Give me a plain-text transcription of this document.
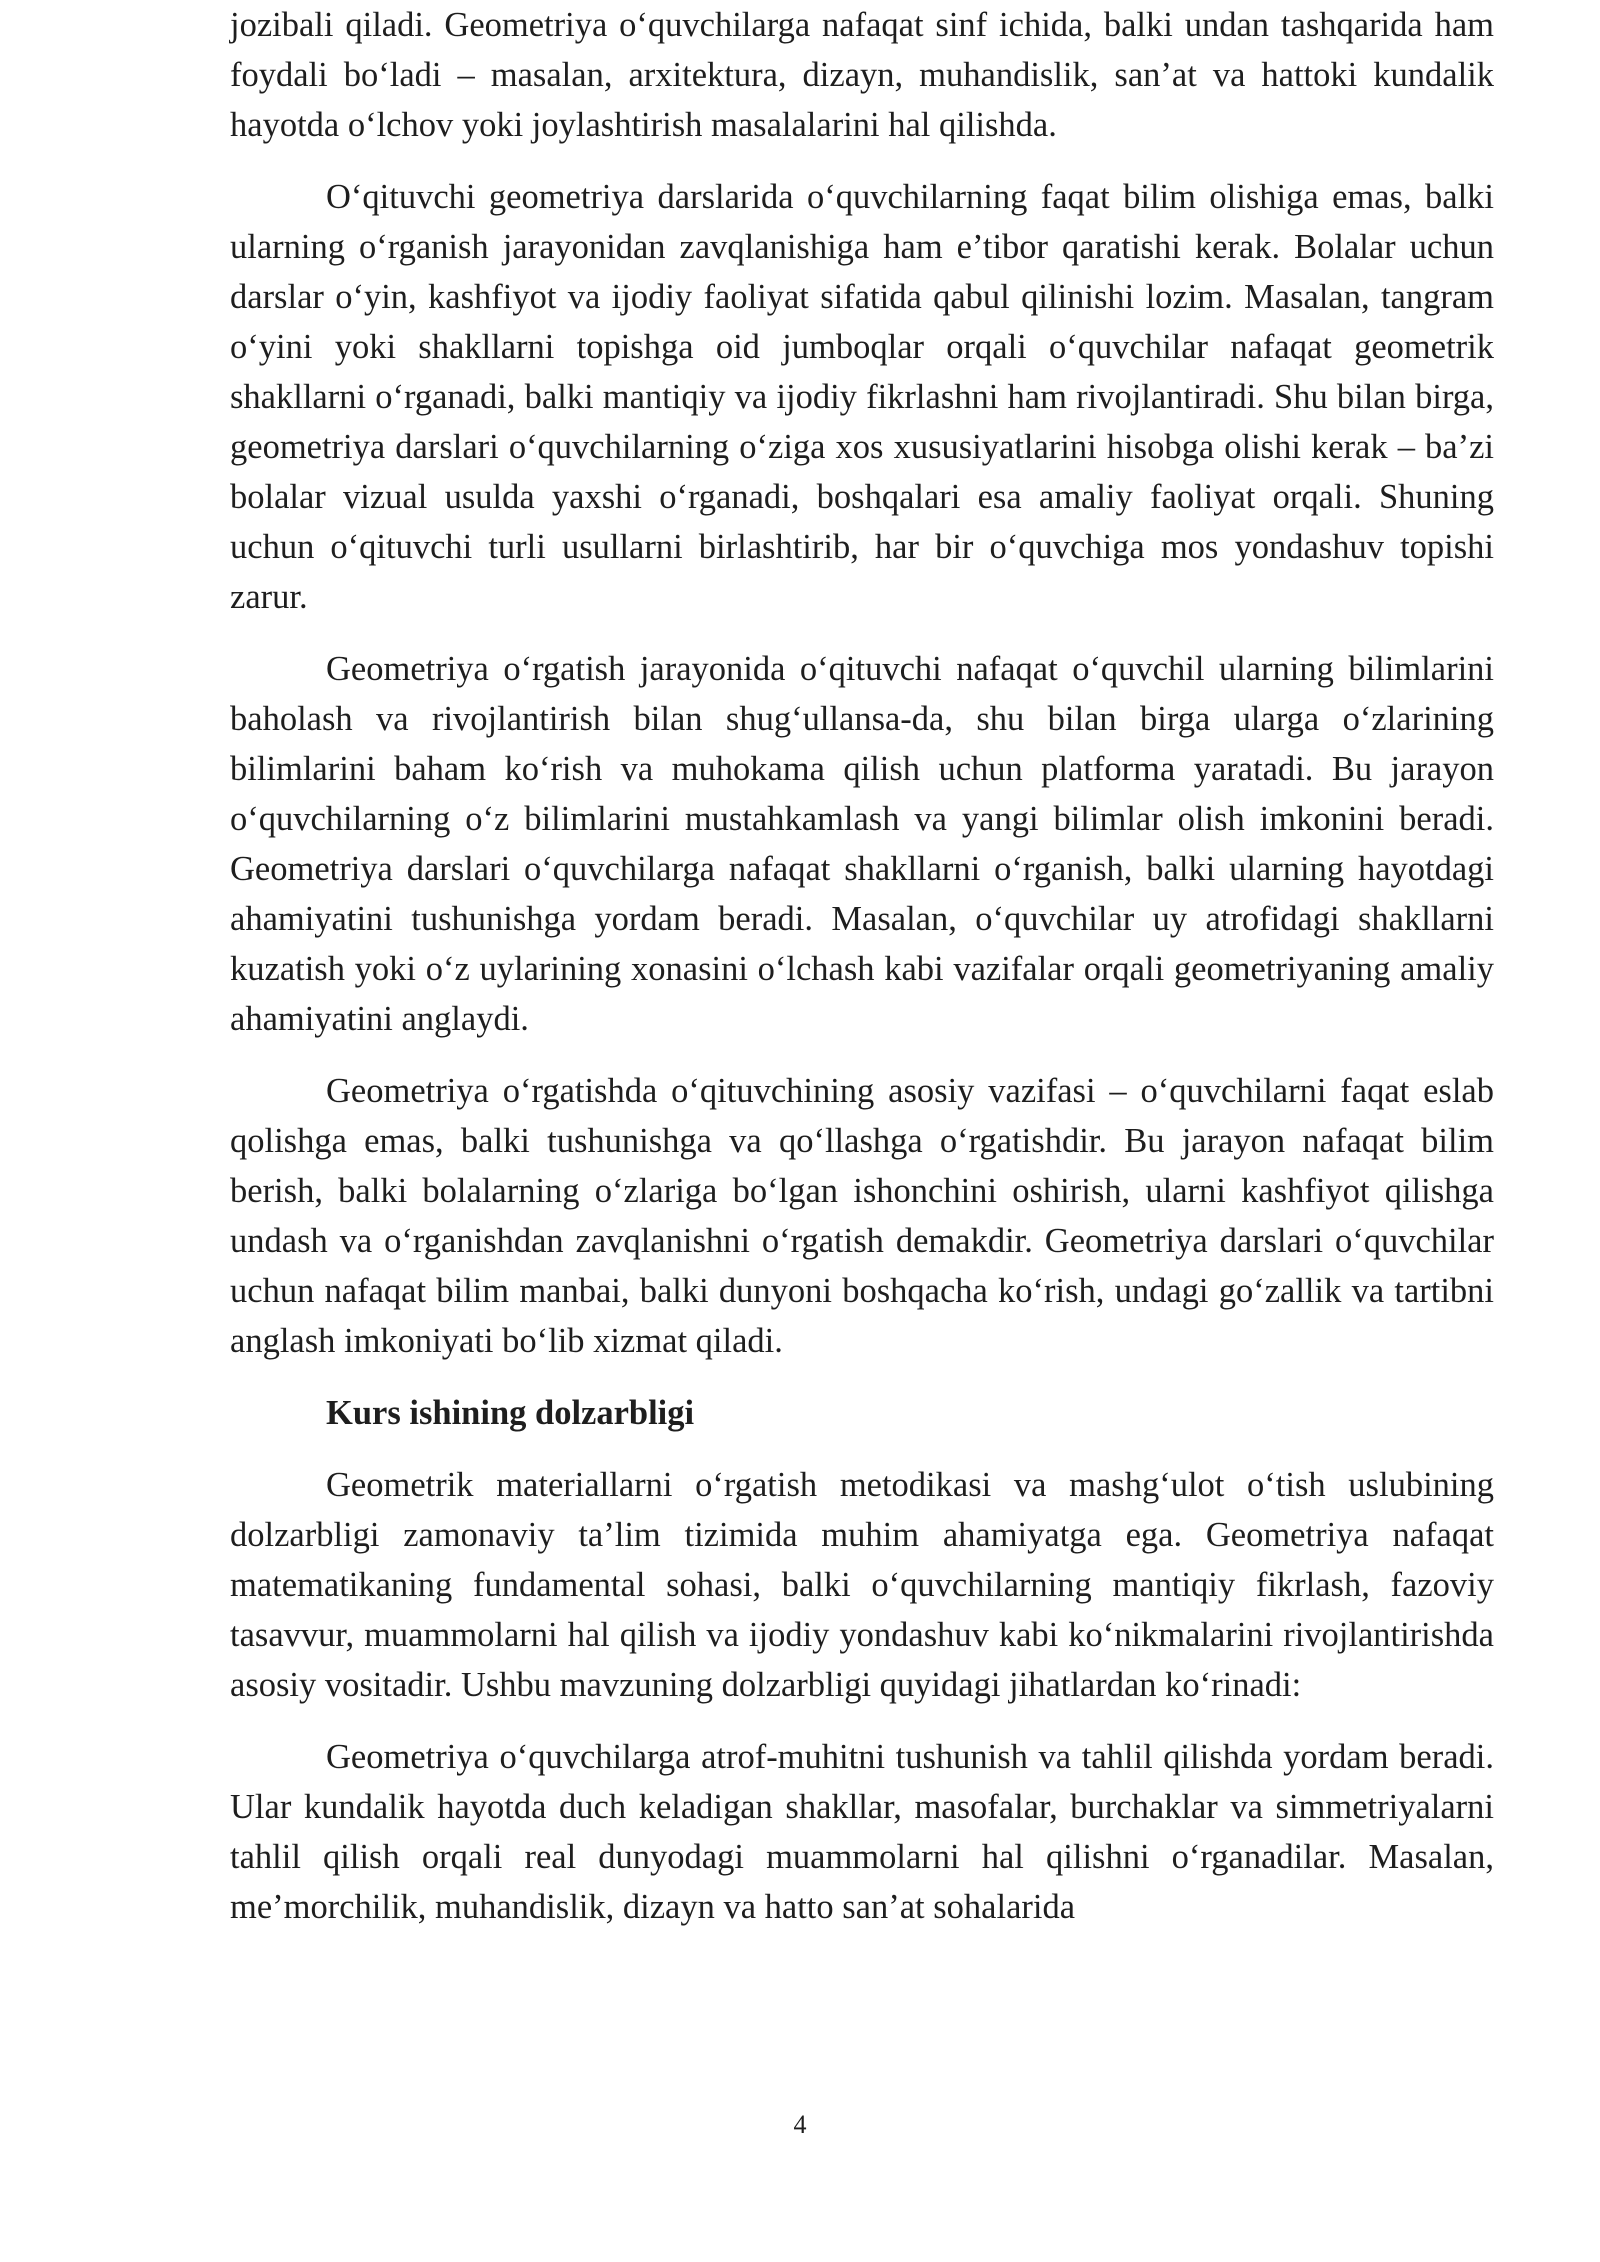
jozibali qiladi. Geometriya o‘quvchilarga nafaqat sinf ichida, balki undan tashqarida ham foydali bo‘ladi – masalan, arxitektura, dizayn, muhandislik, san’at va hattoki kundalik hayotda o‘lchov yoki joylashtirish masalalarini hal qilishda.

O‘qituvchi geometriya darslarida o‘quvchilarning faqat bilim olishiga emas, balki ularning o‘rganish jarayonidan zavqlanishiga ham e’tibor qaratishi kerak. Bolalar uchun darslar o‘yin, kashfiyot va ijodiy faoliyat sifatida qabul qilinishi lozim. Masalan, tangram o‘yini yoki shakllarni topishga oid jumboqlar orqali o‘quvchilar nafaqat geometrik shakllarni o‘rganadi, balki mantiqiy va ijodiy fikrlashni ham rivojlantiradi. Shu bilan birga, geometriya darslari o‘quvchilarning o‘ziga xos xususiyatlarini hisobga olishi kerak – ba’zi bolalar vizual usulda yaxshi o‘rganadi, boshqalari esa amaliy faoliyat orqali. Shuning uchun o‘qituvchi turli usullarni birlashtirib, har bir o‘quvchiga mos yondashuv topishi zarur.

Geometriya o‘rgatish jarayonida o‘qituvchi nafaqat o‘quvchil ularning bilimlarini baholash va rivojlantirish bilan shug‘ullansa-da, shu bilan birga ularga o‘zlarining bilimlarini baham ko‘rish va muhokama qilish uchun platforma yaratadi. Bu jarayon o‘quvchilarning o‘z bilimlarini mustahkamlash va yangi bilimlar olish imkonini beradi. Geometriya darslari o‘quvchilarga nafaqat shakllarni o‘rganish, balki ularning hayotdagi ahamiyatini tushunishga yordam beradi. Masalan, o‘quvchilar uy atrofidagi shakllarni kuzatish yoki o‘z uylarining xonasini o‘lchash kabi vazifalar orqali geometriyaning amaliy ahamiyatini anglaydi.

Geometriya o‘rgatishda o‘qituvchining asosiy vazifasi – o‘quvchilarni faqat eslab qolishga emas, balki tushunishga va qo‘llashga o‘rgatishdir. Bu jarayon nafaqat bilim berish, balki bolalarning o‘zlariga bo‘lgan ishonchini oshirish, ularni kashfiyot qilishga undash va o‘rganishdan zavqlanishni o‘rgatish demakdir. Geometriya darslari o‘quvchilar uchun nafaqat bilim manbai, balki dunyoni boshqacha ko‘rish, undagi go‘zallik va tartibni anglash imkoniyati bo‘lib xizmat qiladi.

Kurs ishining dolzarbligi

Geometrik materiallarni o‘rgatish metodikasi va mashg‘ulot o‘tish uslubining dolzarbligi zamonaviy ta’lim tizimida muhim ahamiyatga ega. Geometriya nafaqat matematikaning fundamental sohasi, balki o‘quvchilarning mantiqiy fikrlash, fazoviy tasavvur, muammolarni hal qilish va ijodiy yondashuv kabi ko‘nikmalarini rivojlantirishda asosiy vositadir. Ushbu mavzuning dolzarbligi quyidagi jihatlardan ko‘rinadi:

Geometriya o‘quvchilarga atrof-muhitni tushunish va tahlil qilishda yordam beradi. Ular kundalik hayotda duch keladigan shakllar, masofalar, burchaklar va simmetriyalarni tahlil qilish orqali real dunyodagi muammolarni hal qilishni o‘rganadilar. Masalan, me’morchilik, muhandislik, dizayn va hatto san’at sohalarida

4
